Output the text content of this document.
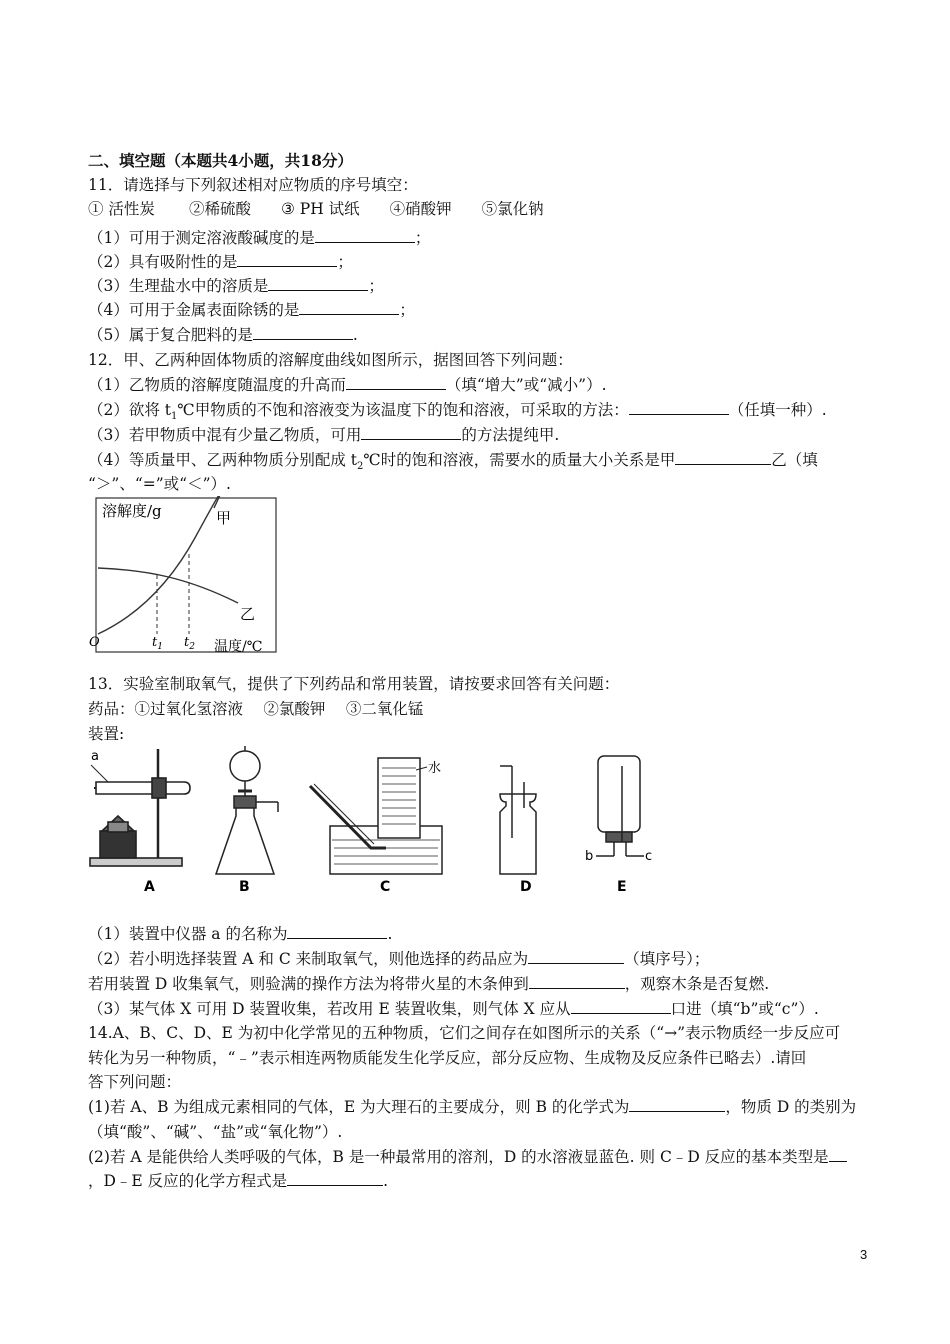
二、填空题（本题共4小题，共18分）
11．请选择与下列叙述相对应物质的序号填空：
① 活性炭 ②稀硫酸 ③ PH 试纸 ④硝酸钾 ⑤氯化钠
（1）可用于测定溶液酸碱度的是	；
（2）具有吸附性的是	；
（3）生理盐水中的溶质是	；
（4）可用于金属表面除锈的是	；
（5）属于复合肥料的是	.
12．甲、乙两种固体物质的溶解度曲线如图所示，据图回答下列问题：
（1）乙物质的溶解度随温度的升高而	（填“增大”或“减小”）.
（2）欲将 $t_1℃$甲物质的不饱和溶液变为该温度下的饱和溶液，可采取的方法：	（任填一种）.
（3）若甲物质中混有少量乙物质，可用	的方法提纯甲.
（4）等质量甲、乙两种物质分别配成 $t_2℃$时的饱和溶液，需要水的质量大小关系是甲	乙（填
“＞”、“=”或“＜”）.
溶解度/g	甲
乙
O	$t_1$ $t_2$ 温度/℃
13．实验室制取氧气，提供了下列药品和常用装置，请按要求回答有关问题：
药品：①过氧化氢溶液　 ②氯酸钾　 ③二氧化锰
装置:
a
水
b	c
A	B	C	D	E
（1）装置中仪器 a 的名称为	.
（2）若小明选择装置 A 和 C 来制取氧气，则他选择的药品应为	（填序号）；
若用装置 D 收集氧气，则验满的操作方法为将带火星的木条伸到	，观察木条是否复燃.
（3）某气体 X 可用 D 装置收集，若改用 E 装置收集，则气体 X 应从	口进（填“b”或“c”）.
14.A、B、C、D、E 为初中化学常见的五种物质，它们之间存在如图所示的关系（“→”表示物质经一步反应可
转化为另一种物质，“﹣”表示相连两物质能发生化学反应，部分反应物、生成物及反应条件已略去）.请回
答下列问题：
(1)若 A、B 为组成元素相同的气体，E 为大理石的主要成分，则 B 的化学式为	，物质 D 的类别为
（填“酸”、“碱”、“盐”或“氧化物”）.
(2)若 A 是能供给人类呼吸的气体，B 是一种最常用的溶剂，D 的水溶液显蓝色. 则 C﹣D 反应的基本类型是
，D﹣E 反应的化学方程式是	.
3
